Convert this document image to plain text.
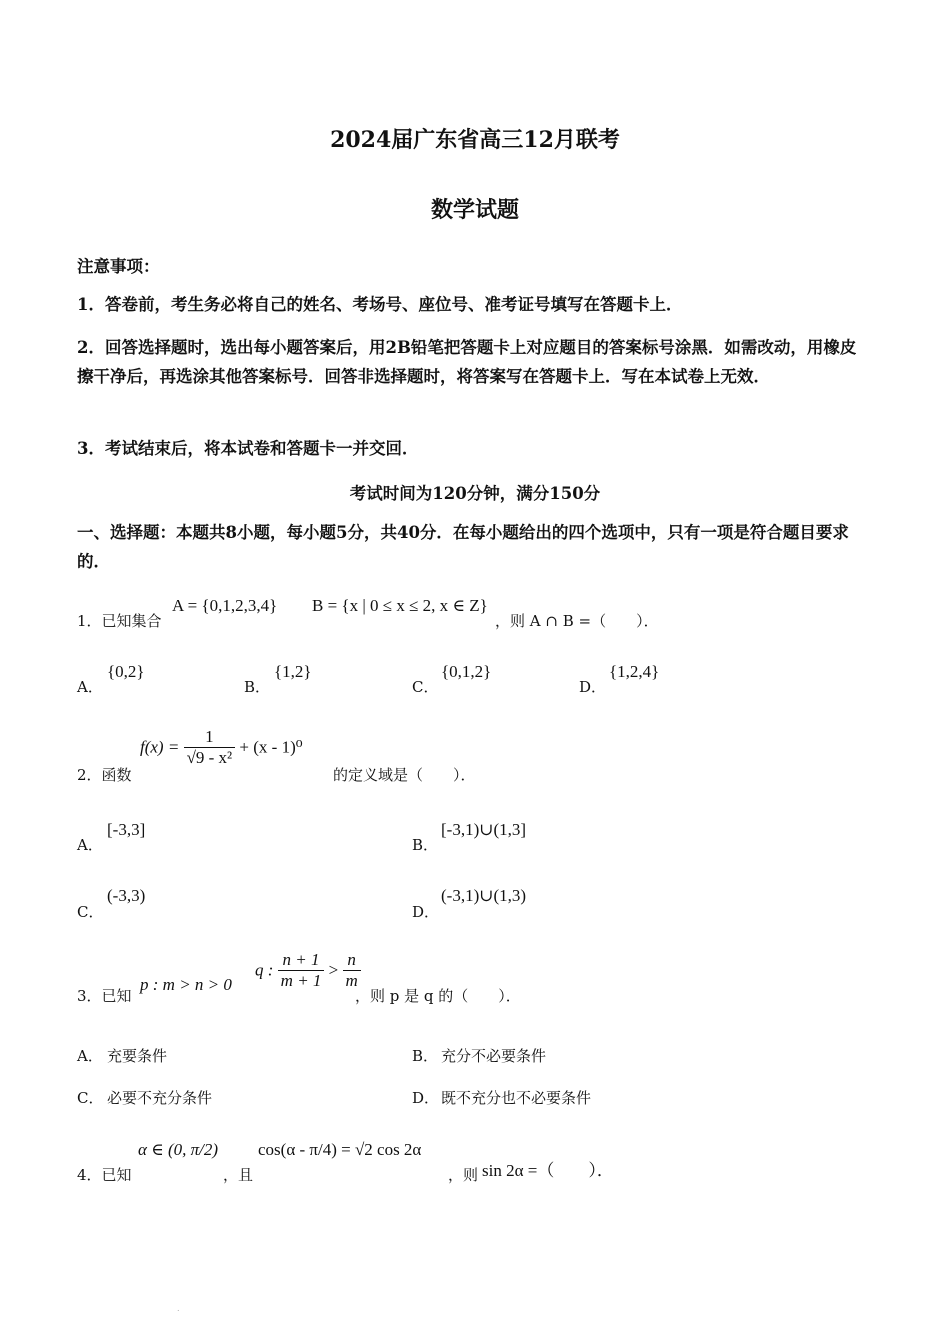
2024届广东省高三12月联考
数学试题
注意事项：
1．答卷前，考生务必将自己的姓名、考场号、座位号、准考证号填写在答题卡上．
2．回答选择题时，选出每小题答案后，用2B铅笔把答题卡上对应题目的答案标号涂黑．如需改动，用橡皮擦干净后，再选涂其他答案标号．回答非选择题时，将答案写在答题卡上．写在本试卷上无效．
3．考试结束后，将本试卷和答题卡一并交回．
考试时间为120分钟，满分150分
一、选择题：本题共8小题，每小题5分，共40分．在每小题给出的四个选项中，只有一项是符合题目要求的．
1．已知集合
A = {0,1,2,3,4} B = {x | 0 ≤ x ≤ 2, x ∈ Z}
，则 A ∩ B =（　　）．
A．
{0,2}
B．
{1,2}
C．
{0,1,2}
D．
{1,2,4}
2．函数
$f(x) = \frac{1}{\text{√9 - x²}} + (x - 1)^0$
的定义域是（　　）．
A．
[-3,3]
B．
[-3,1)∪(1,3]
C．
(-3,3)
D．
(-3,1)∪(1,3)
3．已知
p : m > n > 0
q : $\frac{n + 1}{m + 1} > \frac{n}{m}$
，则 p 是 q 的（　　）．
A． 充要条件	B． 充分不必要条件
C． 必要不充分条件	D． 既不充分也不必要条件
4．已知
α ∈ (0, π/2)
，且
cos(α - π/4) = √2 cos 2α
，则 sin 2α =（　　）．
.
